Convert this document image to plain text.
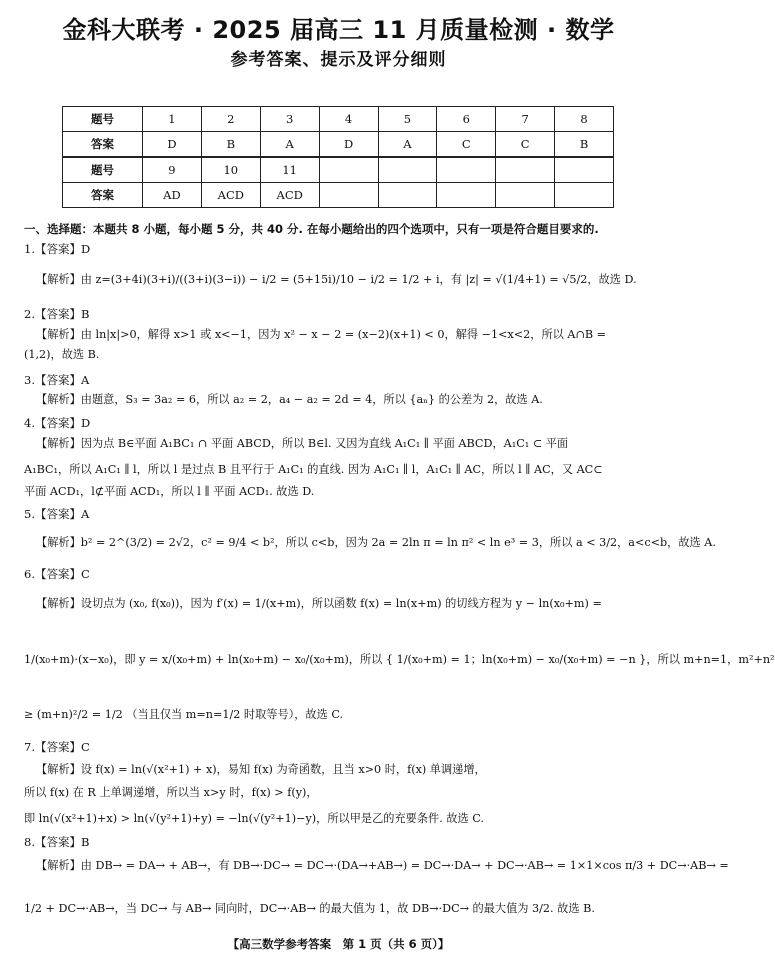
金科大联考 · 2025 届高三 11 月质量检测 · 数学
参考答案、提示及评分细则
题号	1	2	3	4	5	6	7	8
答案	D	B	A	D	A	C	C	B
题号	9	10	11					
答案	AD	ACD	ACD					
一、选择题：本题共 8 小题，每小题 5 分，共 40 分. 在每小题给出的四个选项中，只有一项是符合题目要求的.
1.【答案】D
【解析】由 z=(3+4i)(3+i)/((3+i)(3−i)) − i/2 = (5+15i)/10 − i/2 = 1/2 + i，有 |z| = √(1/4+1) = √5/2，故选 D.
2.【答案】B
【解析】由 ln|x|>0，解得 x>1 或 x<−1，因为 x² − x − 2 = (x−2)(x+1) < 0，解得 −1<x<2，所以 A∩B =
(1,2)，故选 B.
3.【答案】A
【解析】由题意，S₃ = 3a₂ = 6，所以 a₂ = 2，a₄ − a₂ = 2d = 4，所以 {aₙ} 的公差为 2，故选 A.
4.【答案】D
【解析】因为点 B∈平面 A₁BC₁ ∩ 平面 ABCD，所以 B∈l. 又因为直线 A₁C₁ ∥ 平面 ABCD，A₁C₁ ⊂ 平面
A₁BC₁，所以 A₁C₁ ∥ l，所以 l 是过点 B 且平行于 A₁C₁ 的直线. 因为 A₁C₁ ∥ l，A₁C₁ ∥ AC，所以 l ∥ AC，又 AC⊂
平面 ACD₁，l⊄平面 ACD₁，所以 l ∥ 平面 ACD₁. 故选 D.
5.【答案】A
【解析】b² = 2^(3/2) = 2√2，c² = 9/4 < b²，所以 c<b，因为 2a = 2ln π = ln π² < ln e³ = 3，所以 a < 3/2，a<c<b，故选 A.
6.【答案】C
【解析】设切点为 (x₀, f(x₀))，因为 f′(x) = 1/(x+m)，所以函数 f(x) = ln(x+m) 的切线方程为 y − ln(x₀+m) =
1/(x₀+m)·(x−x₀)，即 y = x/(x₀+m) + ln(x₀+m) − x₀/(x₀+m)，所以 { 1/(x₀+m) = 1；ln(x₀+m) − x₀/(x₀+m) = −n }，所以 m+n=1，m²+n²
≥ (m+n)²/2 = 1/2 （当且仅当 m=n=1/2 时取等号），故选 C.
7.【答案】C
【解析】设 f(x) = ln(√(x²+1) + x)，易知 f(x) 为奇函数，且当 x>0 时，f(x) 单调递增，
所以 f(x) 在 R 上单调递增，所以当 x>y 时，f(x) > f(y)，
即 ln(√(x²+1)+x) > ln(√(y²+1)+y) = −ln(√(y²+1)−y)，所以甲是乙的充要条件. 故选 C.
8.【答案】B
【解析】由 DB→ = DA→ + AB→，有 DB→·DC→ = DC→·(DA→+AB→) = DC→·DA→ + DC→·AB→ = 1×1×cos π/3 + DC→·AB→ =
1/2 + DC→·AB→，当 DC→ 与 AB→ 同向时，DC→·AB→ 的最大值为 1，故 DB→·DC→ 的最大值为 3/2. 故选 B.
【高三数学参考答案　第 1 页（共 6 页）】
